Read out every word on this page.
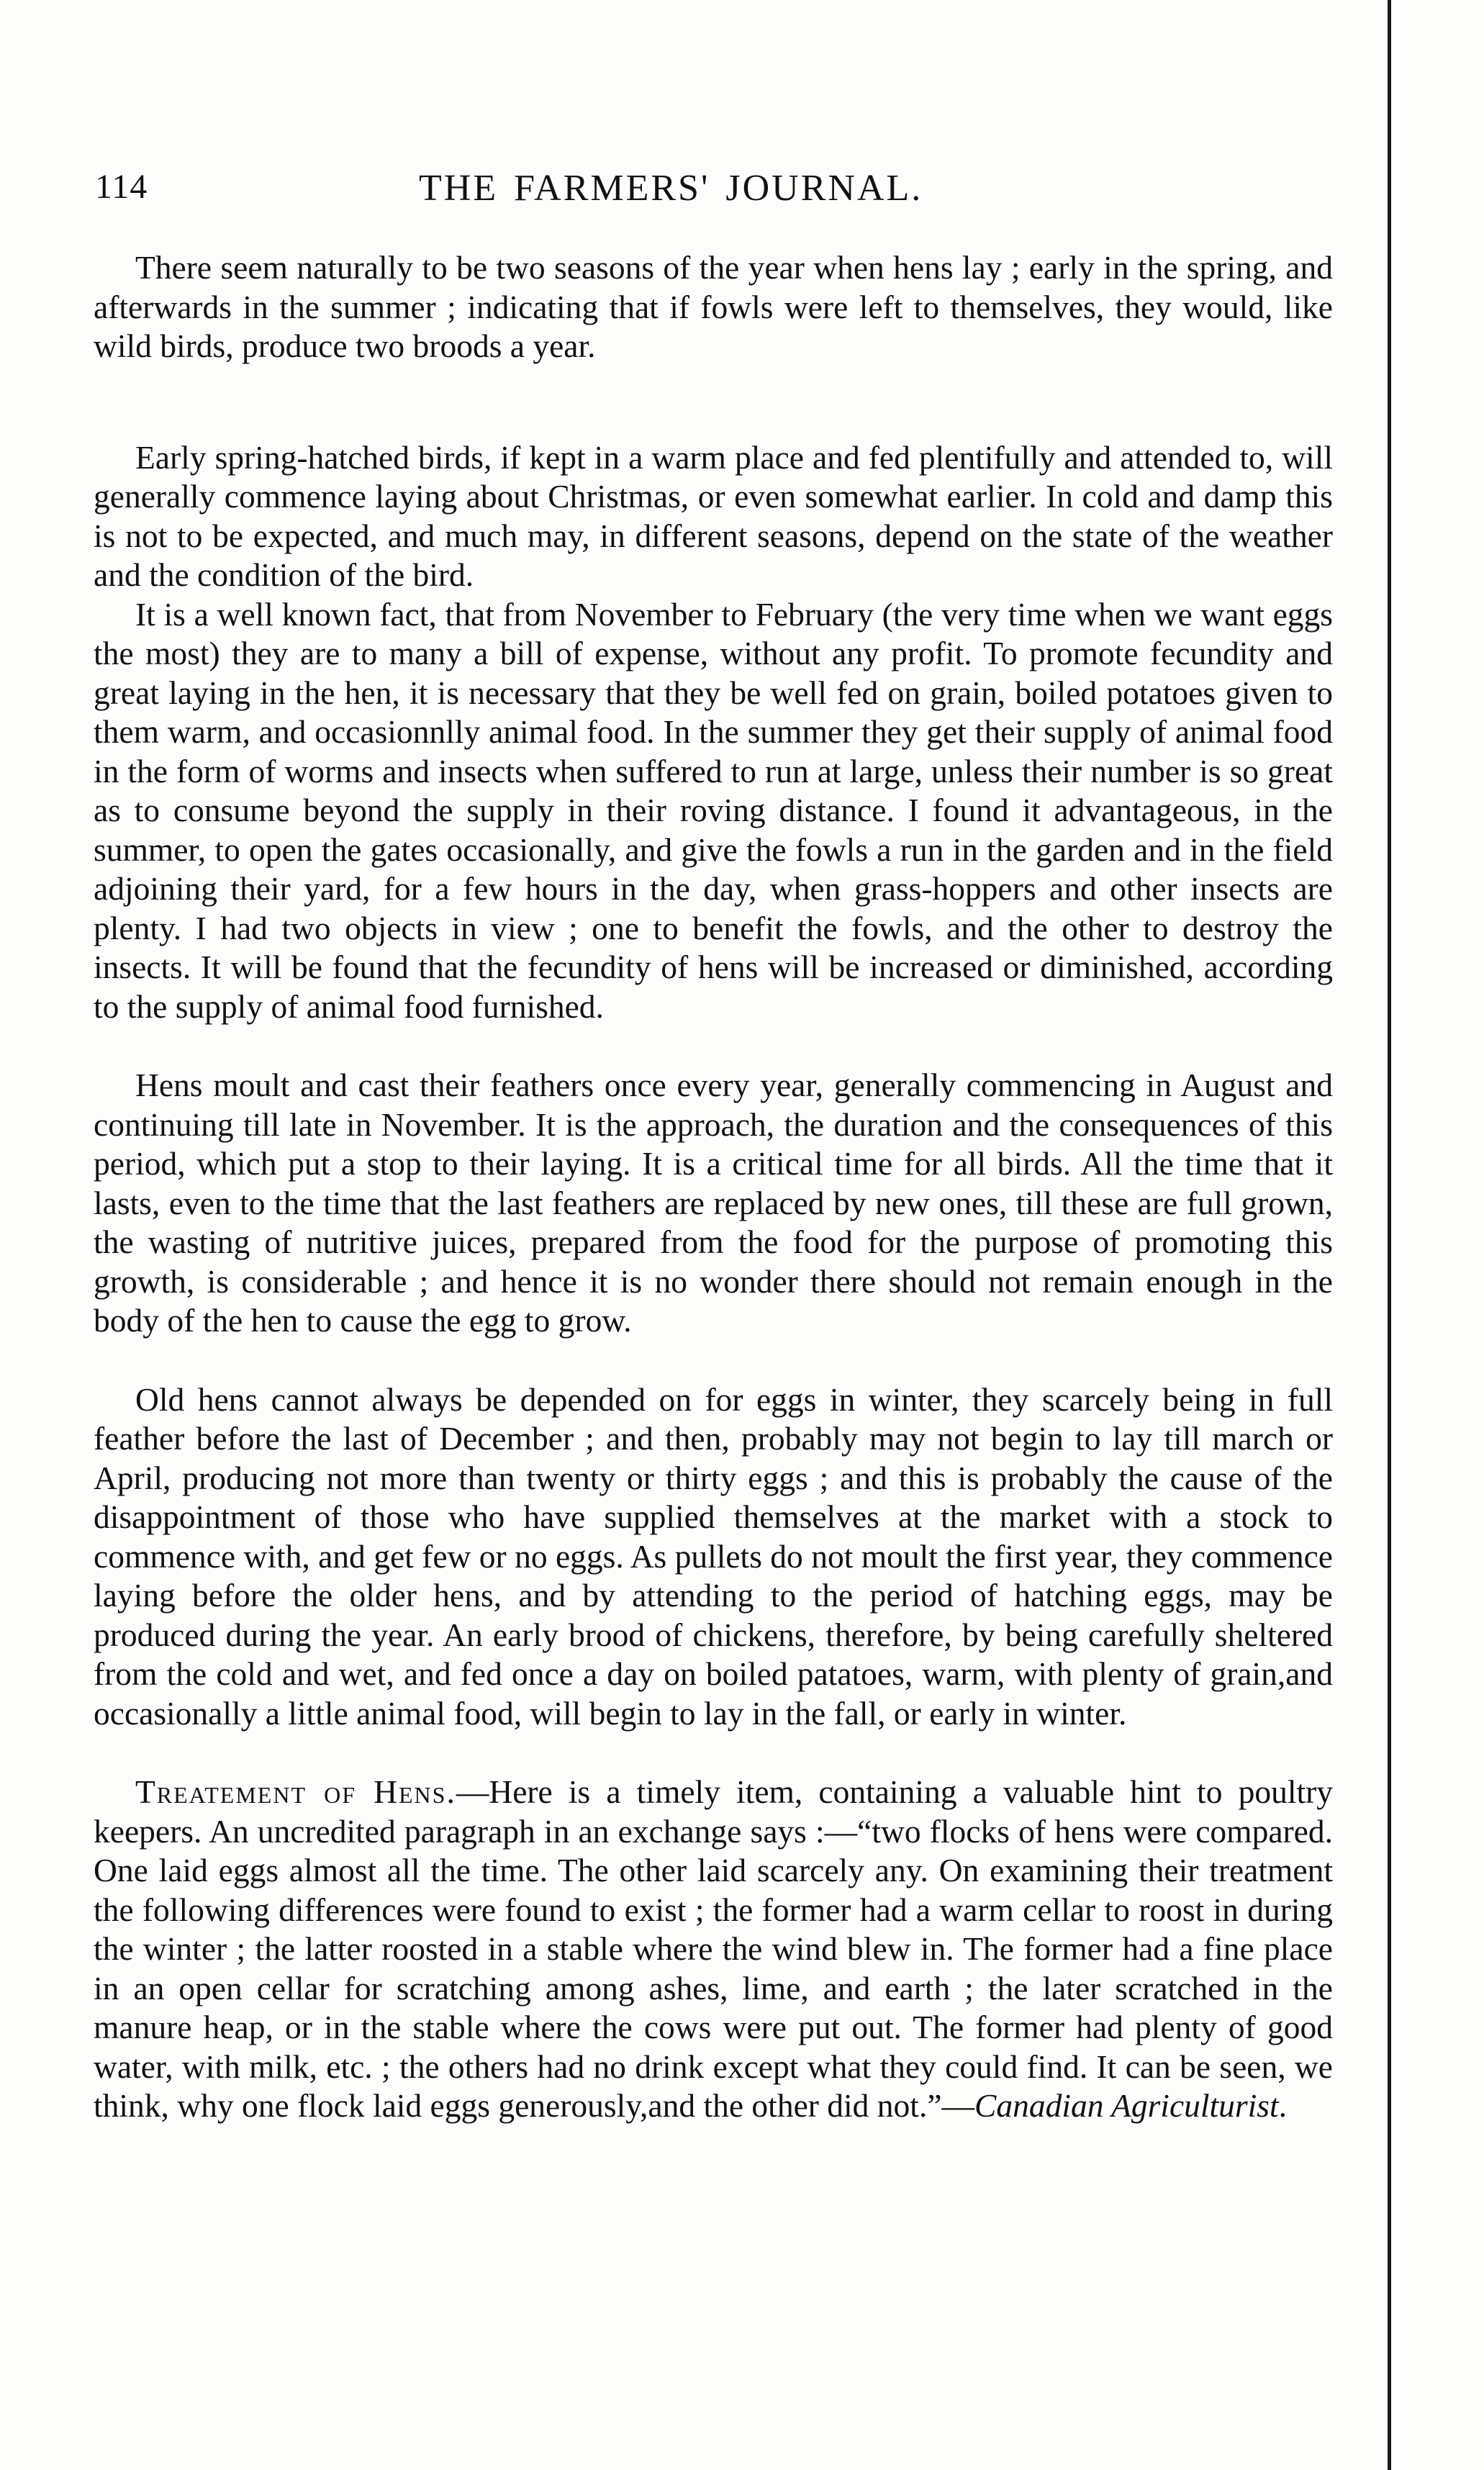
114	THE FARMERS' JOURNAL.

There seem naturally to be two seasons of the year when hens lay ; early in the spring, and afterwards in the summer ; indicating that if fowls were left to themselves, they would, like wild birds, produce two broods a year.

Early spring-hatched birds, if kept in a warm place and fed plentifully and attended to, will generally commence laying about Christmas, or even somewhat earlier. In cold and damp this is not to be expected, and much may, in different seasons, depend on the state of the weather and the condition of the bird.

It is a well known fact, that from November to February (the very time when we want eggs the most) they are to many a bill of expense, without any profit. To promote fecundity and great laying in the hen, it is necessary that they be well fed on grain, boiled potatoes given to them warm, and occasionnlly animal food. In the summer they get their supply of animal food in the form of worms and insects when suffered to run at large, unless their number is so great as to consume beyond the supply in their roving distance. I found it advantageous, in the summer, to open the gates occasionally, and give the fowls a run in the garden and in the field adjoining their yard, for a few hours in the day, when grass-hoppers and other insects are plenty. I had two objects in view ; one to benefit the fowls, and the other to destroy the insects. It will be found that the fecundity of hens will be increased or diminished, according to the supply of animal food furnished.

Hens moult and cast their feathers once every year, generally commencing in August and continuing till late in November. It is the approach, the duration and the consequences of this period, which put a stop to their laying. It is a critical time for all birds. All the time that it lasts, even to the time that the last feathers are replaced by new ones, till these are full grown, the wasting of nutritive juices, prepared from the food for the purpose of promoting this growth, is considerable ; and hence it is no wonder there should not remain enough in the body of the hen to cause the egg to grow.

Old hens cannot always be depended on for eggs in winter, they scarcely being in full feather before the last of December ; and then, probably may not begin to lay till march or April, producing not more than twenty or thirty eggs ; and this is probably the cause of the disappointment of those who have supplied themselves at the market with a stock to commence with, and get few or no eggs. As pullets do not moult the first year, they commence laying before the older hens, and by attending to the period of hatching eggs, may be produced during the year. An early brood of chickens, therefore, by being carefully sheltered from the cold and wet, and fed once a day on boiled patatoes, warm, with plenty of grain,and occasionally a little animal food, will begin to lay in the fall, or early in winter.

Treatement of Hens.—Here is a timely item, containing a valuable hint to poultry keepers. An uncredited paragraph in an exchange says :—“two flocks of hens were compared. One laid eggs almost all the time. The other laid scarcely any. On examining their treatment the following differences were found to exist ; the former had a warm cellar to roost in during the winter ; the latter roosted in a stable where the wind blew in. The former had a fine place in an open cellar for scratching among ashes, lime, and earth ; the later scratched in the manure heap, or in the stable where the cows were put out. The former had plenty of good water, with milk, etc. ; the others had no drink except what they could find. It can be seen, we think, why one flock laid eggs generously,and the other did not.”—Canadian Agriculturist.
